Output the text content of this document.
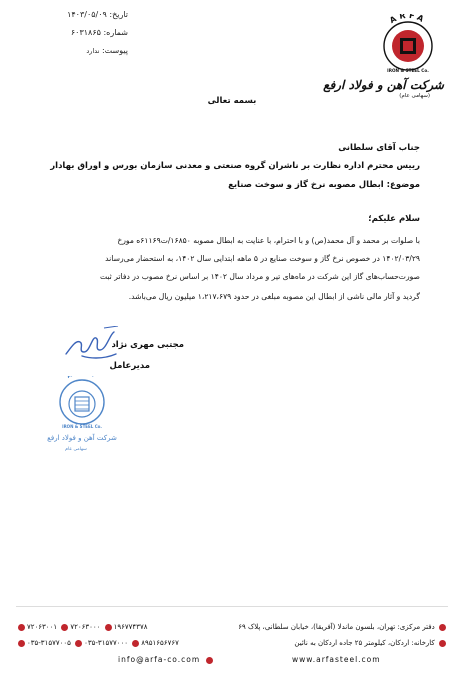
تاریخ: ۱۴۰۳/۰۵/۰۹
شماره: ۶۰۳۱۸۶۵
پیوست: ندارد
ARFA
IRON & STEEL Co.
شرکت آهن و فولاد ارفع
(سهامی عام)
بسمه تعالی
جناب آقای سلطانی
رییس محترم اداره نظارت بر ناشران گروه صنعتی و معدنی سازمان بورس و اوراق بهادار
موضوع: ابطال مصوبه نرخ گاز و سوخت صنایع
سلام علیکم؛
با صلوات بر محمد و آل محمد(ص) و با احترام، با عنایت به ابطال مصوبه ۱۶۸۵۰/ت۶۱۱۶۹ه مورخ
۱۴۰۲/۰۳/۲۹ در خصوص نرخ گاز و سوخت صنایع در ۵ ماهه ابتدایی سال ۱۴۰۲، به استحضار می‌رساند
صورت‌حساب‌های گاز این شرکت در ماه‌های تیر و مرداد سال ۱۴۰۲ بر اساس نرخ مصوب در دفاتر ثبت
گردید و آثار مالی ناشی از ابطال این مصوبه مبلغی در حدود ۱،۲۱۷،۶۷۹ میلیون ریال می‌باشد.
مجتبی مهری نژاد
مدیرعامل
IRON & STEEL Co.
شرکت آهن و فولاد ارفع
سهامی عام
دفتر مرکزی: تهران، بلسون ماندلا (آفریقا)، خیابان سلطانی، پلاک ۶۹
۷۲۰۶۳۰۰۱ ۷۲۰۶۳۰۰۰ ۱۹۶۷۷۴۳۷۸
کارخانه: اردکان، کیلومتر ۲۵ جاده اردکان به نائین
۰۳۵-۳۱۵۷۷۰۰۵ ۰۳۵-۳۱۵۷۷۰۰۰ ۸۹۵۱۶۵۶۷۶۷
www.arfasteel.com
info@arfa-co.com
